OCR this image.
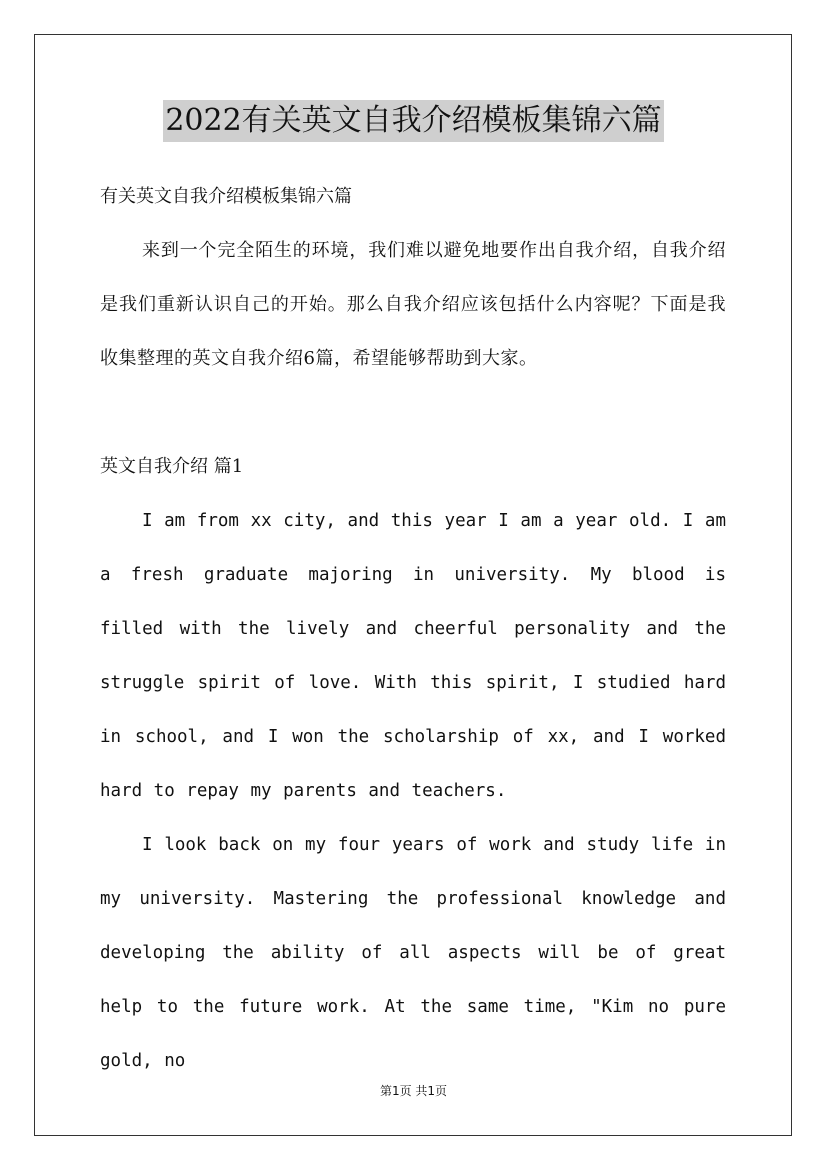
2022有关英文自我介绍模板集锦六篇

有关英文自我介绍模板集锦六篇

来到一个完全陌生的环境，我们难以避免地要作出自我介绍，自我介绍是我们重新认识自己的开始。那么自我介绍应该包括什么内容呢？下面是我收集整理的英文自我介绍6篇，希望能够帮助到大家。

英文自我介绍 篇1

I am from xx city, and this year I am a year old. I am a fresh graduate majoring in university. My blood is filled with the lively and cheerful personality and the struggle spirit of love. With this spirit, I studied hard in school, and I won the scholarship of xx, and I worked hard to repay my parents and teachers.

I look back on my four years of work and study life in my university. Mastering the professional knowledge and developing the ability of all aspects will be of great help to the future work. At the same time, "Kim no pure gold, no

第1页 共1页
